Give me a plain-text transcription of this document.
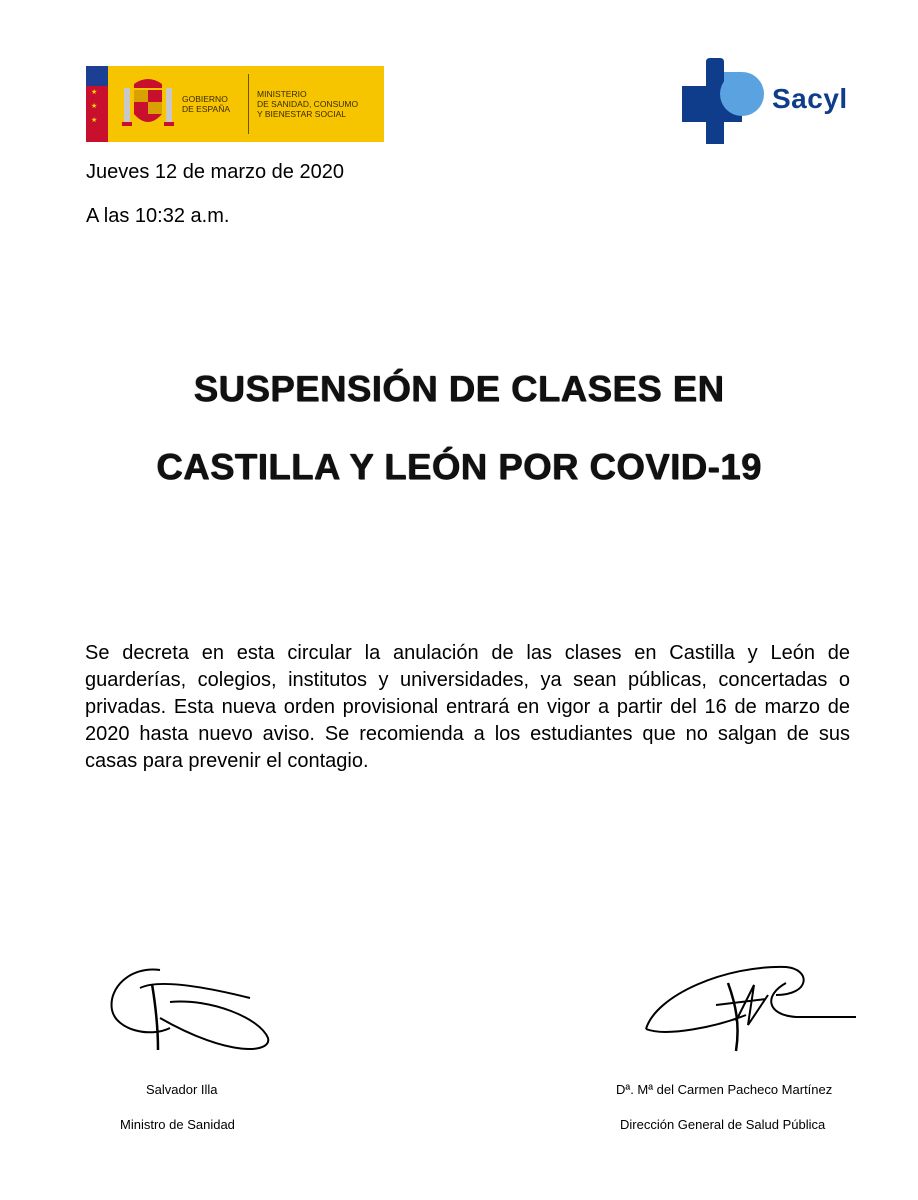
★
★
★
GOBIERNO
DE ESPAÑA
MINISTERIO
DE SANIDAD, CONSUMO
Y BIENESTAR SOCIAL	Sacyl
Jueves 12 de marzo de 2020
A las 10:32 a.m.
SUSPENSIÓN DE CLASES EN
CASTILLA Y LEÓN POR COVID-19
Se decreta en esta circular la anulación de las clases en Castilla y León de guarderías, colegios, institutos y universidades, ya sean públicas, concertadas o privadas. Esta nueva orden provisional entrará en vigor a partir del 16 de marzo de 2020 hasta nuevo aviso. Se recomienda a los estudiantes que no salgan de sus casas para prevenir el contagio.
Salvador Illa
Ministro de Sanidad
Dª. Mª del Carmen Pacheco Martínez
Dirección General de Salud Pública
